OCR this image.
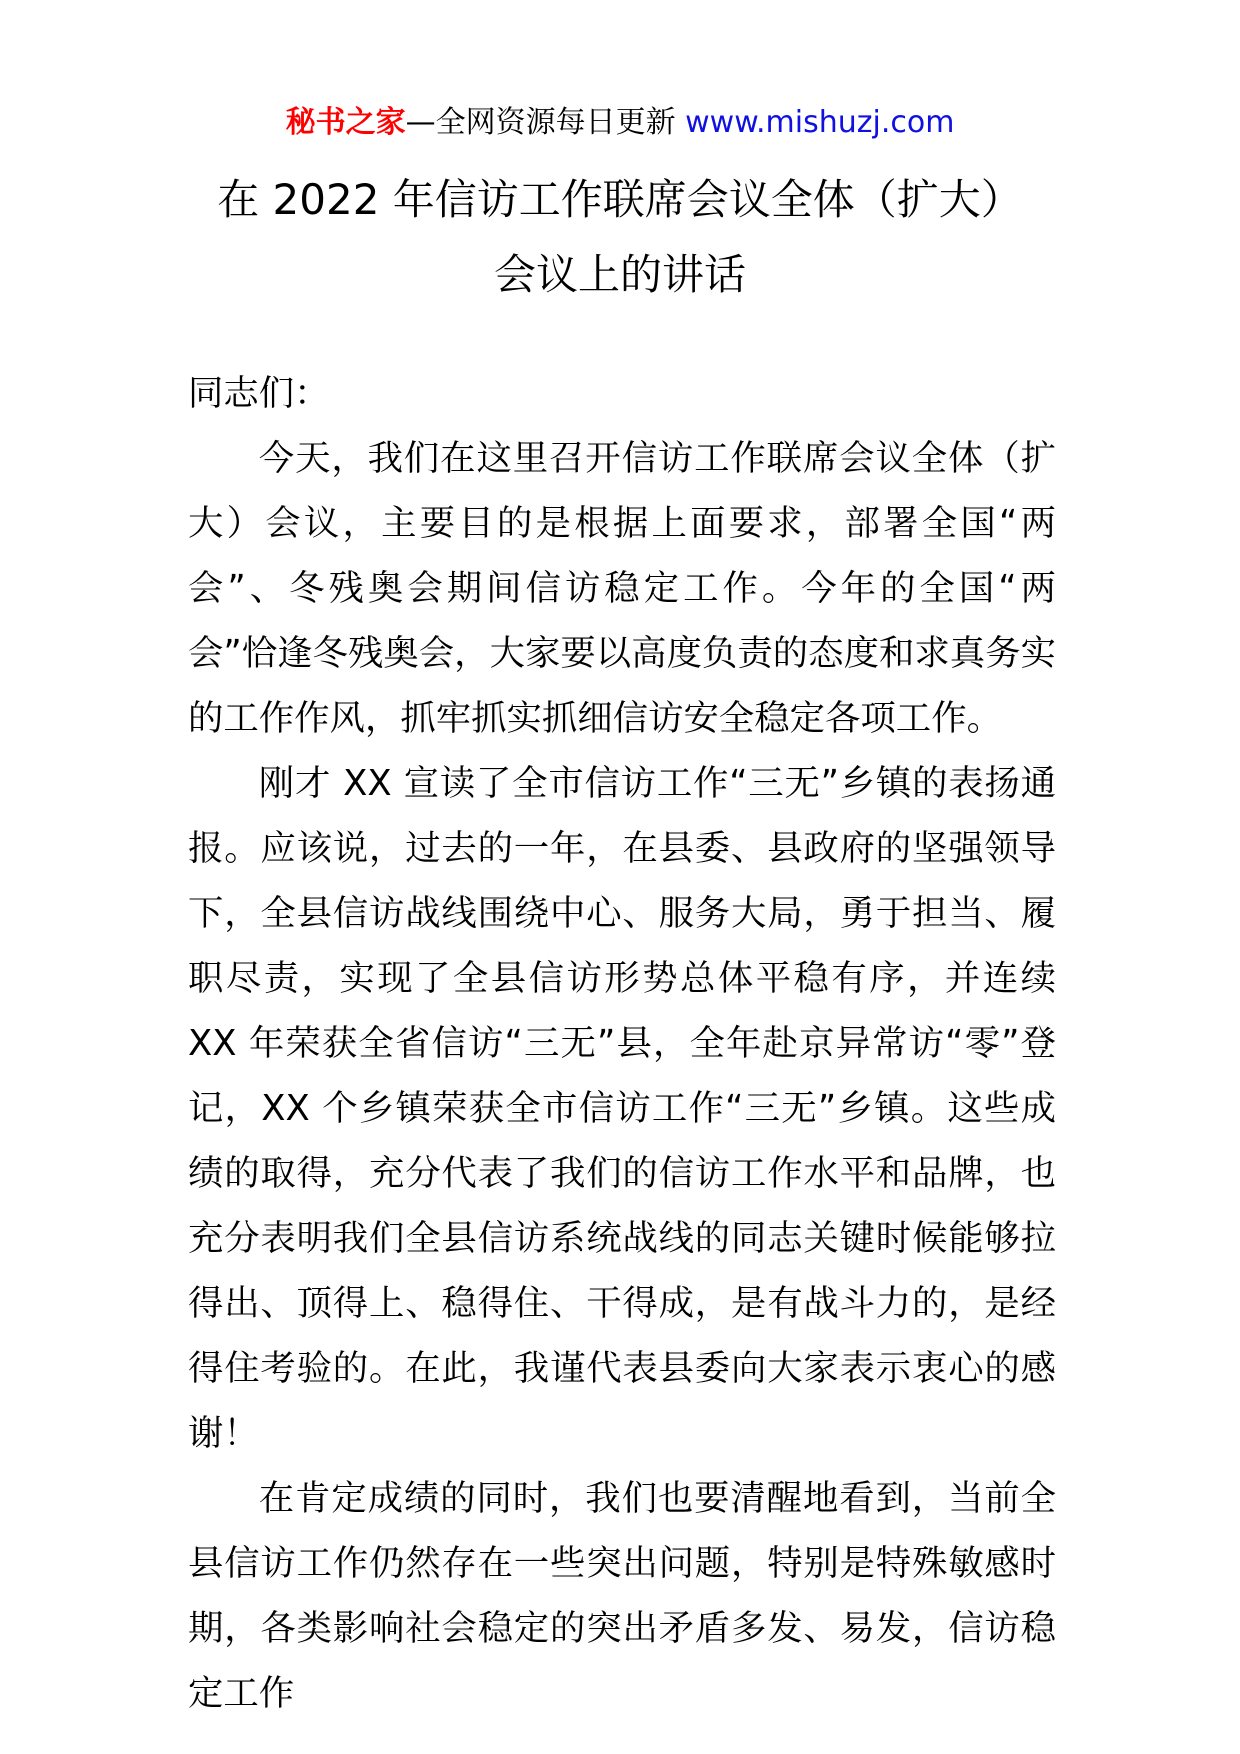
秘书之家—全网资源每日更新 www.mishuzj.com
在 2022 年信访工作联席会议全体（扩大）
会议上的讲话

同志们：

今天，我们在这里召开信访工作联席会议全体（扩大）会议，主要目的是根据上面要求，部署全国“两会”、冬残奥会期间信访稳定工作。今年的全国“两会”恰逢冬残奥会，大家要以高度负责的态度和求真务实的工作作风，抓牢抓实抓细信访安全稳定各项工作。

刚才 XX 宣读了全市信访工作“三无”乡镇的表扬通报。应该说，过去的一年，在县委、县政府的坚强领导下，全县信访战线围绕中心、服务大局，勇于担当、履职尽责，实现了全县信访形势总体平稳有序，并连续 XX 年荣获全省信访“三无”县，全年赴京异常访“零”登记，XX 个乡镇荣获全市信访工作“三无”乡镇。这些成绩的取得，充分代表了我们的信访工作水平和品牌，也充分表明我们全县信访系统战线的同志关键时候能够拉得出、顶得上、稳得住、干得成，是有战斗力的，是经得住考验的。在此，我谨代表县委向大家表示衷心的感谢！

在肯定成绩的同时，我们也要清醒地看到，当前全县信访工作仍然存在一些突出问题，特别是特殊敏感时期，各类影响社会稳定的突出矛盾多发、易发，信访稳定工作
